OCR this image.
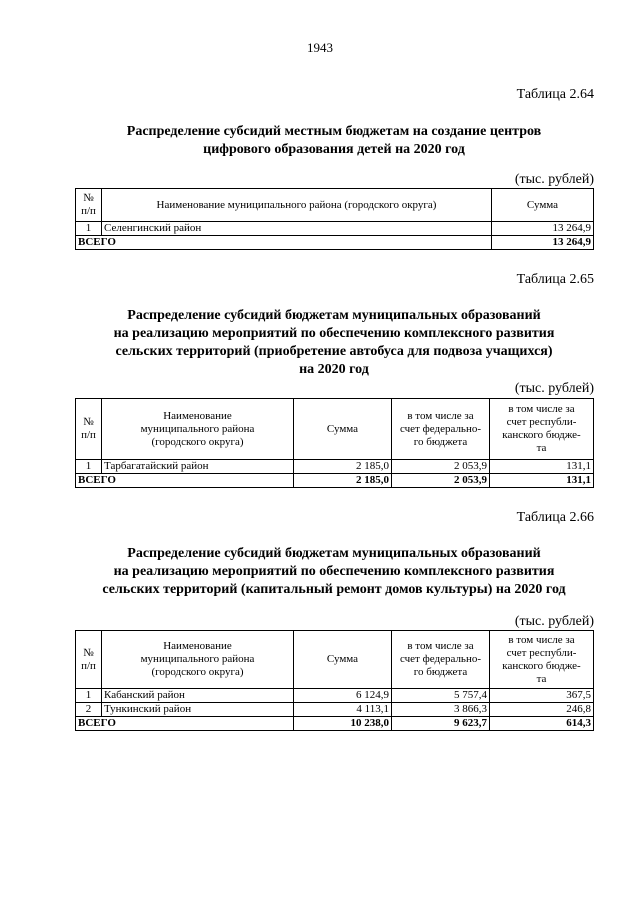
1943
Таблица 2.64
Распределение субсидий местным бюджетам на создание центров
цифрового образования детей на 2020 год
(тыс. рублей)
№
п/п	Наименование муниципального района (городского округа)	Сумма
1	Селенгинский район	13 264,9
ВСЕГО		13 264,9
Таблица 2.65
Распределение субсидий бюджетам муниципальных образований
на реализацию мероприятий по обеспечению комплексного развития
сельских территорий (приобретение автобуса для подвоза учащихся)
на 2020 год
(тыс. рублей)
№
п/п	Наименование
муниципального района
(городского округа)	Сумма	в том числе за
счет федерально-
го бюджета	в том числе за
счет республи-
канского бюдже-
та
1	Тарбагатайский район	2 185,0	2 053,9	131,1
ВСЕГО		2 185,0	2 053,9	131,1
Таблица 2.66
Распределение субсидий бюджетам муниципальных образований
на реализацию мероприятий по обеспечению комплексного развития
сельских территорий (капитальный ремонт домов культуры) на 2020 год
(тыс. рублей)
№
п/п	Наименование
муниципального района
(городского округа)	Сумма	в том числе за
счет федерально-
го бюджета	в том числе за
счет республи-
канского бюдже-
та
1	Кабанский район	6 124,9	5 757,4	367,5
2	Тункинский район	4 113,1	3 866,3	246,8
ВСЕГО		10 238,0	9 623,7	614,3
